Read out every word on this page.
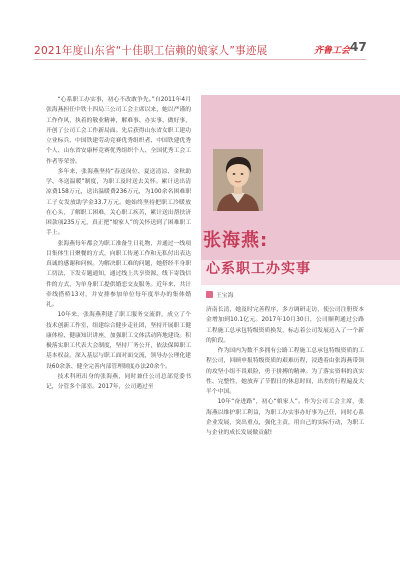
2021年度山东省“十佳职工信赖的娘家人”事迹展	齐鲁工会 47

“心系职工办实事，初心不改敢争先。”自2011年4月张海燕担任中铁十四局三公司工会主席以来，她以严谨的工作作风，执着的敬业精神，解难事、办实事、做好事，开创了公司工会工作新局面。先后获得山东省女职工建功立业标兵、中国铁建劳动竞赛优秀组织者、中国铁建优秀个人、山东省安康杯竞赛优秀组织个人、全国优秀工会工作者等荣誉。

多年来，张海燕坚持“春送岗位、夏送清凉、金秋助学、冬送温暖”制度，为职工及时送去关怀。累计送出清凉费158万元，送出温暖费236万元，为100余名困难职工子女发放助学金33.7万元。她始终坚持把职工冷暖放在心头，了解职工困难，关心职工疾苦，累计送出帮扶济困款项235万元，真正把“娘家人”的关怀送到了困难职工手上。

张海燕每年都会为职工准备生日礼物，并通过一线项目集体生日聚餐的方式，向职工传递工作和无私付出表达真诚的感谢和问候。为解决职工难的问题，她搭经半身职工切法，下发专题通知，通过线上共享资源，线下寄钱信件的方式，为单身职工提供婚恋交友服务。近年来，共计牵线搭桥13对，并安排参加单位每年度举办的集体婚礼。

10年来，张海燕利建了职工服务交流群，成立了个技术创新工作室，组建综合健步走社团，坚持开展职工健康体检、健康知识讲座，加强职工文体活动阵地建设。积极落实职工代表大会制度，坚持厂务公开，依法保障职工基本权益。深入基层与职工面对面交流，领导办公理化建设60余条、健全完善内部管理制度办法20余个。

技术科班出身的张海燕，同时兼任公司总部党委书记，分管多个部室。2017年，公司遇过至

张海燕:
心系职工办实事
王宝海

济南长清，她及时完善程序，多方调研走访，使公司注册资本金增加到10.1亿元。2017年10月30日，公司顺利通过公路工程施工总承包特级资质换发，标志着公司发展迈入了一个新的阶段。

作为国内为数不多拥有公路工程施工总承包特级资质的工程公司，回顾申报特级资质的艰难历程，浸透着由张海燕带领的攻坚小组不畏艰险，勇于拼搏的精神。为了落实资料的真实性、完整性，她放弃了节假日的休息时间，出差的行程遍及大半个中国。

10年“奋进路”，初心“娘家人”。作为公司工会主席，张海燕以维护职工利益，为职工办实事办好事为己任，同时心系企业发展，突出重点，强化主责，用自己的实际行动，为职工与企业的成长发展做贡献!
